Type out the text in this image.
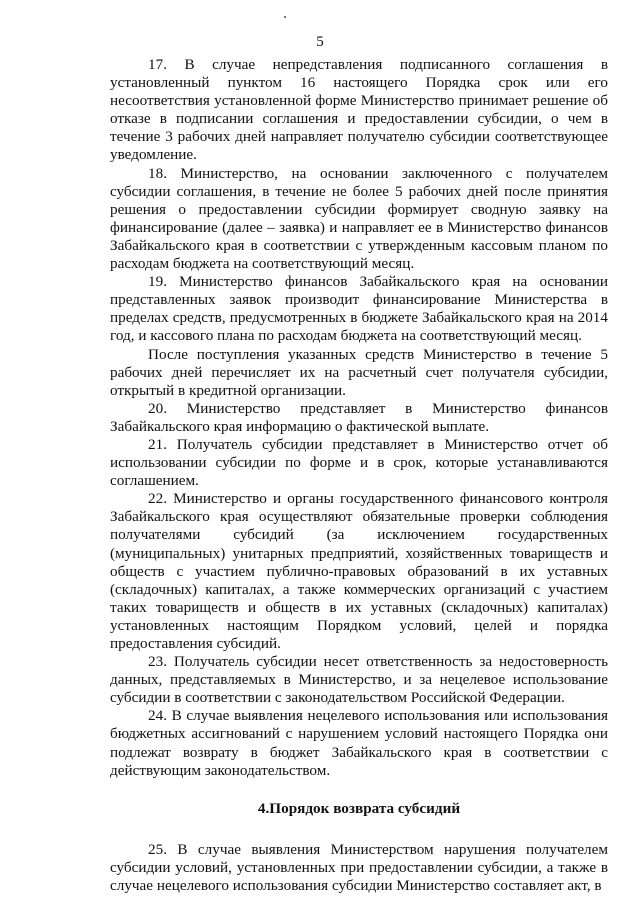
5

17. В случае непредставления подписанного соглашения в установленный пунктом 16 настоящего Порядка срок или его несоответствия установленной форме Министерство принимает решение об отказе в подписании соглашения и предоставлении субсидии, о чем в течение 3 рабочих дней направляет получателю субсидии соответствующее уведомление.

18. Министерство, на основании заключенного с получателем субсидии соглашения, в течение не более 5 рабочих дней после принятия решения о предоставлении субсидии формирует сводную заявку на финансирование (далее – заявка) и направляет ее в Министерство финансов Забайкальского края в соответствии с утвержденным кассовым планом по расходам бюджета на соответствующий месяц.

19. Министерство финансов Забайкальского края на основании представленных заявок производит финансирование Министерства в пределах средств, предусмотренных в бюджете Забайкальского края на 2014 год, и кассового плана по расходам бюджета на соответствующий месяц.

После поступления указанных средств Министерство в течение 5 рабочих дней перечисляет их на расчетный счет получателя субсидии, открытый в кредитной организации.

20. Министерство представляет в Министерство финансов Забайкальского края информацию о фактической выплате.

21. Получатель субсидии представляет в Министерство отчет об использовании субсидии по форме и в срок, которые устанавливаются соглашением.

22. Министерство и органы государственного финансового контроля Забайкальского края осуществляют обязательные проверки соблюдения получателями субсидий (за исключением государственных (муниципальных) унитарных предприятий, хозяйственных товариществ и обществ с участием публично-правовых образований в их уставных (складочных) капиталах, а также коммерческих организаций с участием таких товариществ и обществ в их уставных (складочных) капиталах) установленных настоящим Порядком условий, целей и порядка предоставления субсидий.

23. Получатель субсидии несет ответственность за недостоверность данных, представляемых в Министерство, и за нецелевое использование субсидии в соответствии с законодательством Российской Федерации.

24. В случае выявления нецелевого использования или использования бюджетных ассигнований с нарушением условий настоящего Порядка они подлежат возврату в бюджет Забайкальского края в соответствии с действующим законодательством.

4.Порядок возврата субсидий

25. В случае выявления Министерством нарушения получателем субсидии условий, установленных при предоставлении субсидии, а также в случае нецелевого использования субсидии Министерство составляет акт, в
